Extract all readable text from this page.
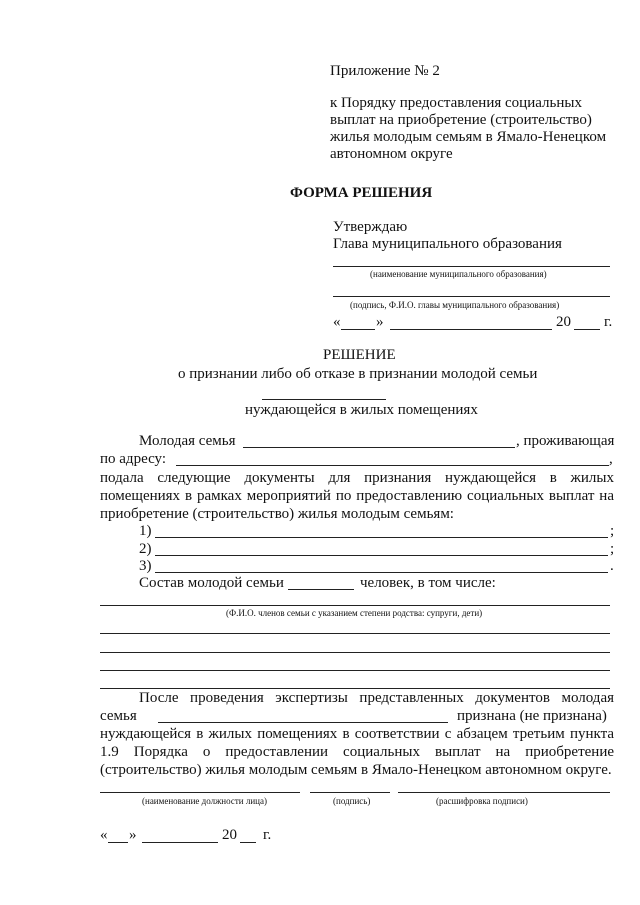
Приложение № 2
к Порядку предоставления социальных
выплат на приобретение (строительство)
жилья молодым семьям в Ямало-Ненецком
автономном округе
ФОРМА РЕШЕНИЯ
Утверждаю
Глава муниципального образования
(наименование муниципального образования)
(подпись, Ф.И.О. главы муниципального образования)
« »	20 г.
РЕШЕНИЕ
о признании либо об отказе в признании молодой семьи
нуждающейся в жилых помещениях
Молодая семья	, проживающая
по адресу:	,
подала следующие документы для признания нуждающейся в жилых
помещениях в рамках мероприятий по предоставлению социальных выплат на
приобретение (строительство) жилья молодым семьям:
1)	;
2)	;
3)	.
Состав молодой семьи	человек, в том числе:
(Ф.И.О. членов семьи с указанием степени родства: супруги, дети)
После проведения экспертизы представленных документов молодая
семья	признана (не признана)
нуждающейся в жилых помещениях в соответствии с абзацем третьим пункта
1.9 Порядка о предоставлении социальных выплат на приобретение
(строительство) жилья молодым семьям в Ямало-Ненецком автономном округе.
(наименование должности лица)	(подпись)	(расшифровка подписи)
« »	20 г.
